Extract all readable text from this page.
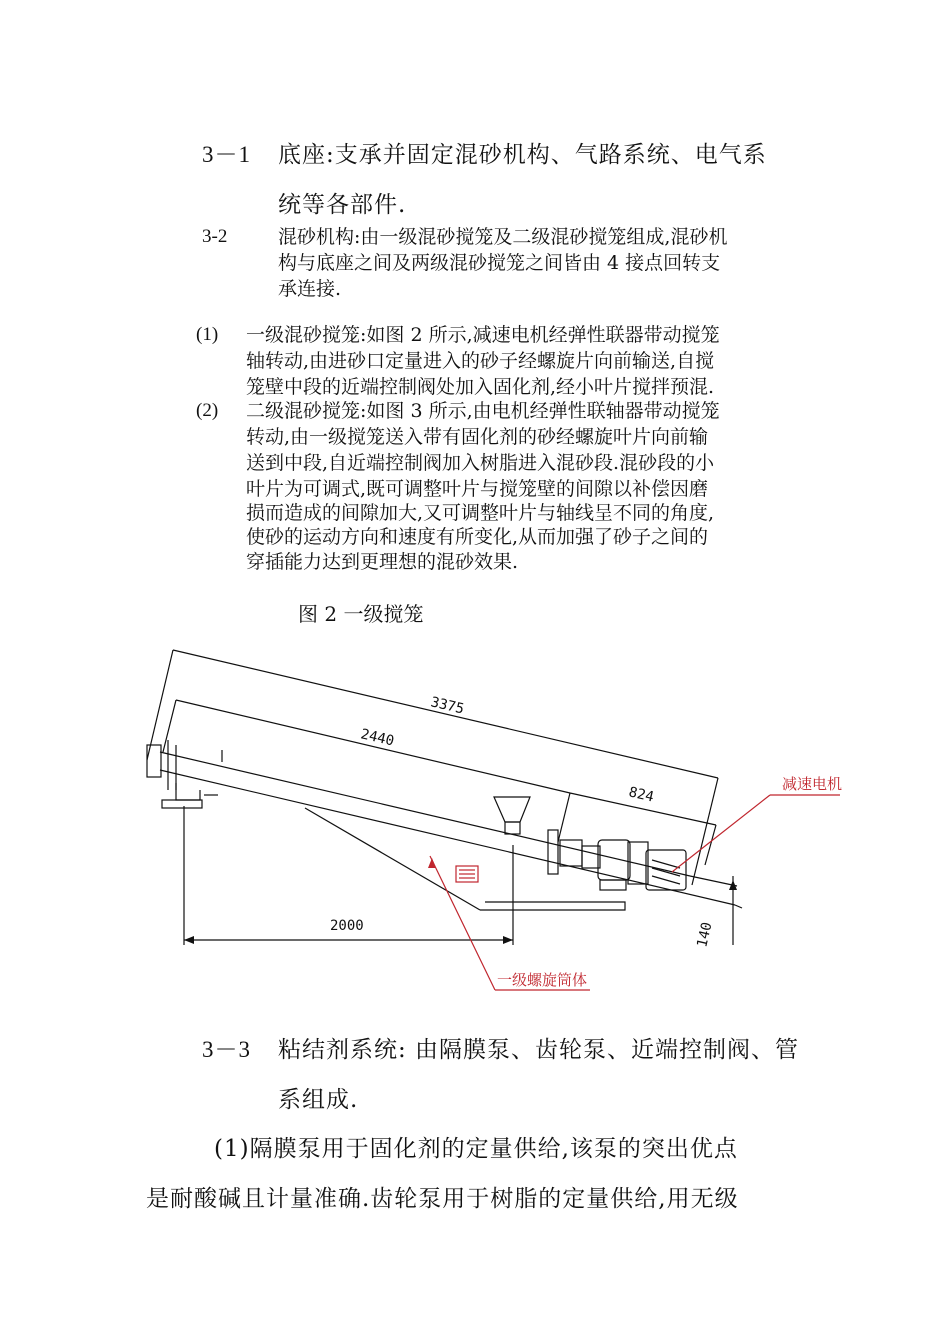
3－1 底座:支承并固定混砂机构、气路系统、电气系
统等各部件.
3-2	混砂机构:由一级混砂搅笼及二级混砂搅笼组成,混砂机
构与底座之间及两级混砂搅笼之间皆由 4 接点回转支
承连接.
(1) 一级混砂搅笼:如图 2 所示,减速电机经弹性联器带动搅笼
轴转动,由进砂口定量进入的砂子经螺旋片向前输送,自搅
笼壁中段的近端控制阀处加入固化剂,经小叶片搅拌预混.
(2) 二级混砂搅笼:如图 3 所示,由电机经弹性联轴器带动搅笼
转动,由一级搅笼送入带有固化剂的砂经螺旋叶片向前输
送到中段,自近端控制阀加入树脂进入混砂段.混砂段的小
叶片为可调式,既可调整叶片与搅笼壁的间隙以补偿因磨
损而造成的间隙加大,又可调整叶片与轴线呈不同的角度,
使砂的运动方向和速度有所变化,从而加强了砂子之间的
穿插能力达到更理想的混砂效果.
图 2 一级搅笼
3375
2440
824
2000	140
减速电机
一级螺旋筒体
3－3 粘结剂系统: 由隔膜泵、齿轮泵、近端控制阀、管
系组成.
(1)隔膜泵用于固化剂的定量供给,该泵的突出优点
是耐酸碱且计量准确.齿轮泵用于树脂的定量供给,用无级
